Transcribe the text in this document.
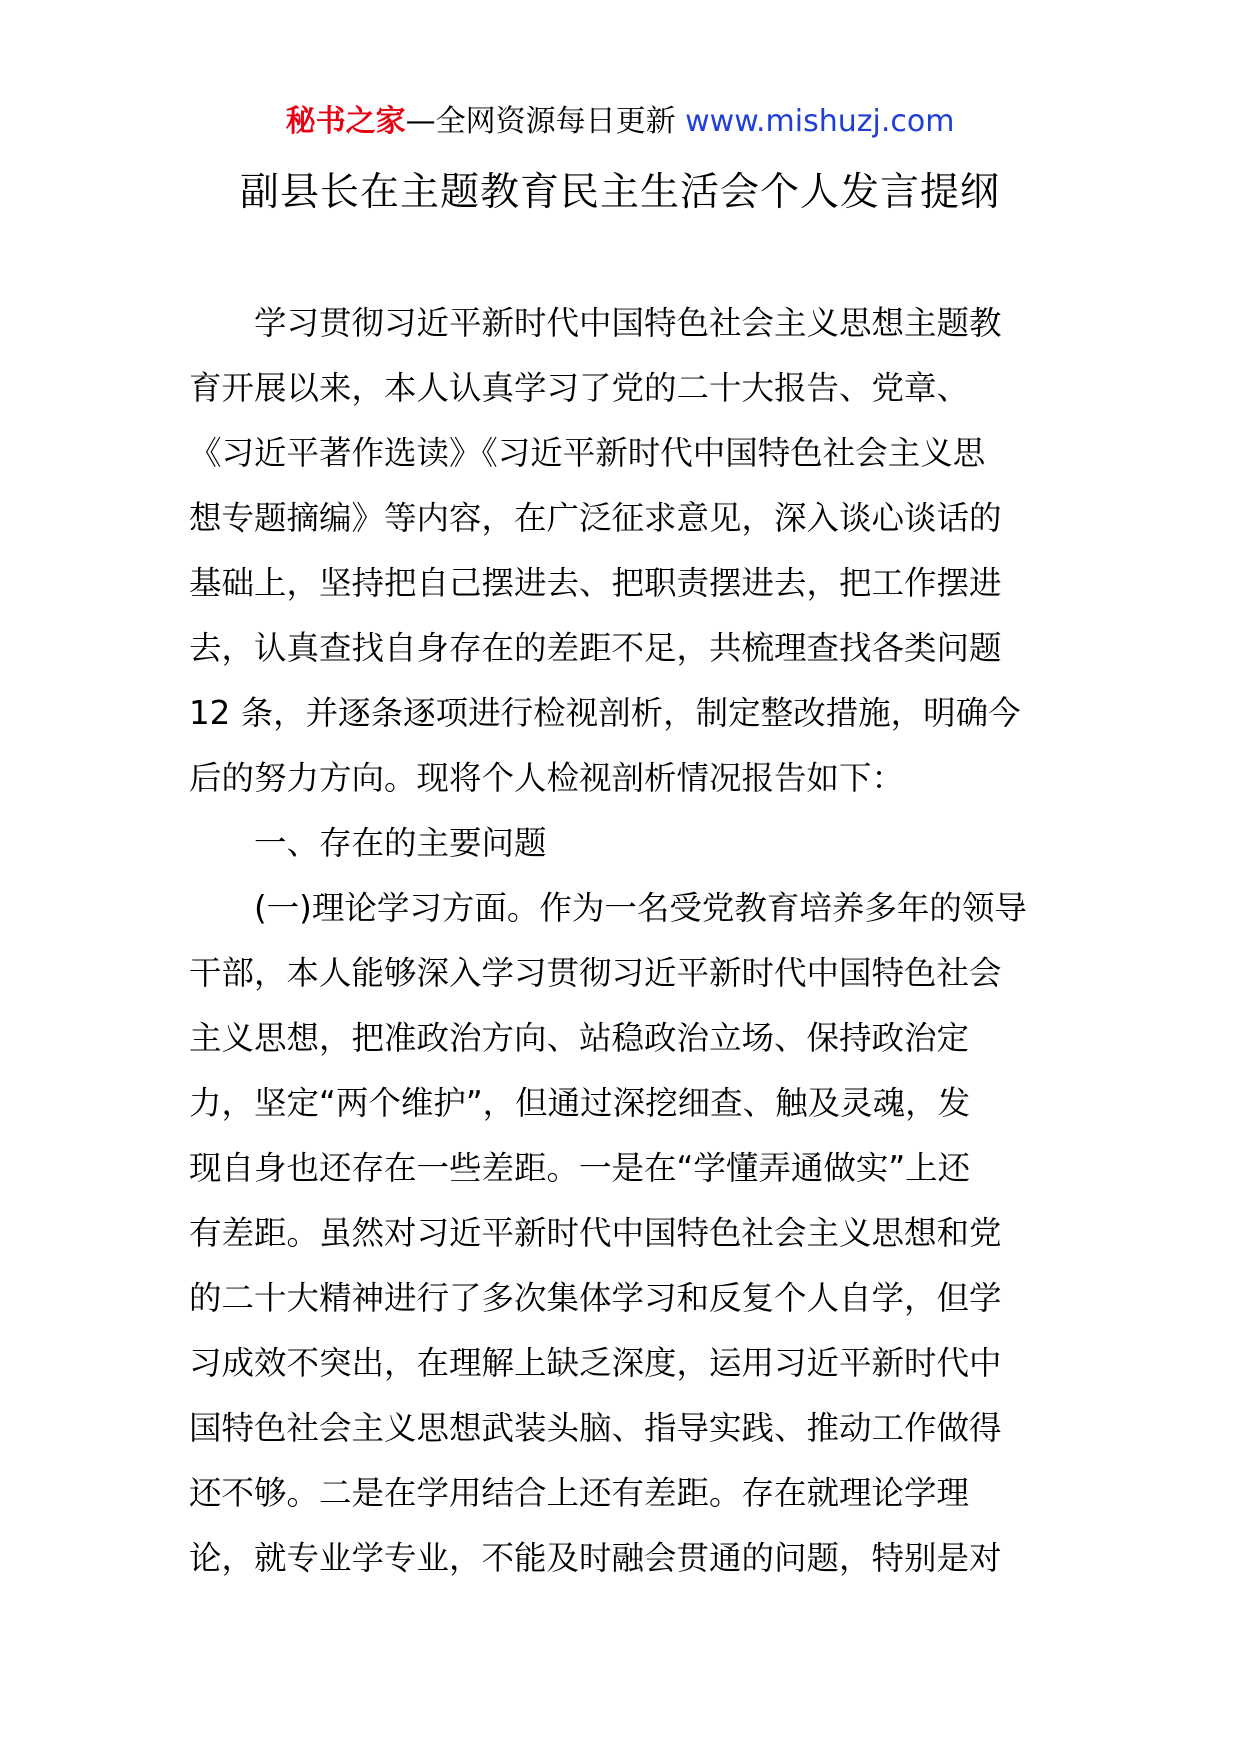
秘书之家—全网资源每日更新 www.mishuzj.com
副县长在主题教育民主生活会个人发言提纲
学习贯彻习近平新时代中国特色社会主义思想主题教
育开展以来，本人认真学习了党的二十大报告、党章、
《习近平著作选读》《习近平新时代中国特色社会主义思
想专题摘编》等内容，在广泛征求意见，深入谈心谈话的
基础上，坚持把自己摆进去、把职责摆进去，把工作摆进
去，认真查找自身存在的差距不足，共梳理查找各类问题
12 条，并逐条逐项进行检视剖析，制定整改措施，明确今
后的努力方向。现将个人检视剖析情况报告如下：
一、存在的主要问题
(一)理论学习方面。作为一名受党教育培养多年的领导
干部，本人能够深入学习贯彻习近平新时代中国特色社会
主义思想，把准政治方向、站稳政治立场、保持政治定
力，坚定“两个维护”，但通过深挖细查、触及灵魂，发
现自身也还存在一些差距。一是在“学懂弄通做实”上还
有差距。虽然对习近平新时代中国特色社会主义思想和党
的二十大精神进行了多次集体学习和反复个人自学，但学
习成效不突出，在理解上缺乏深度，运用习近平新时代中
国特色社会主义思想武装头脑、指导实践、推动工作做得
还不够。二是在学用结合上还有差距。存在就理论学理
论，就专业学专业，不能及时融会贯通的问题，特别是对
